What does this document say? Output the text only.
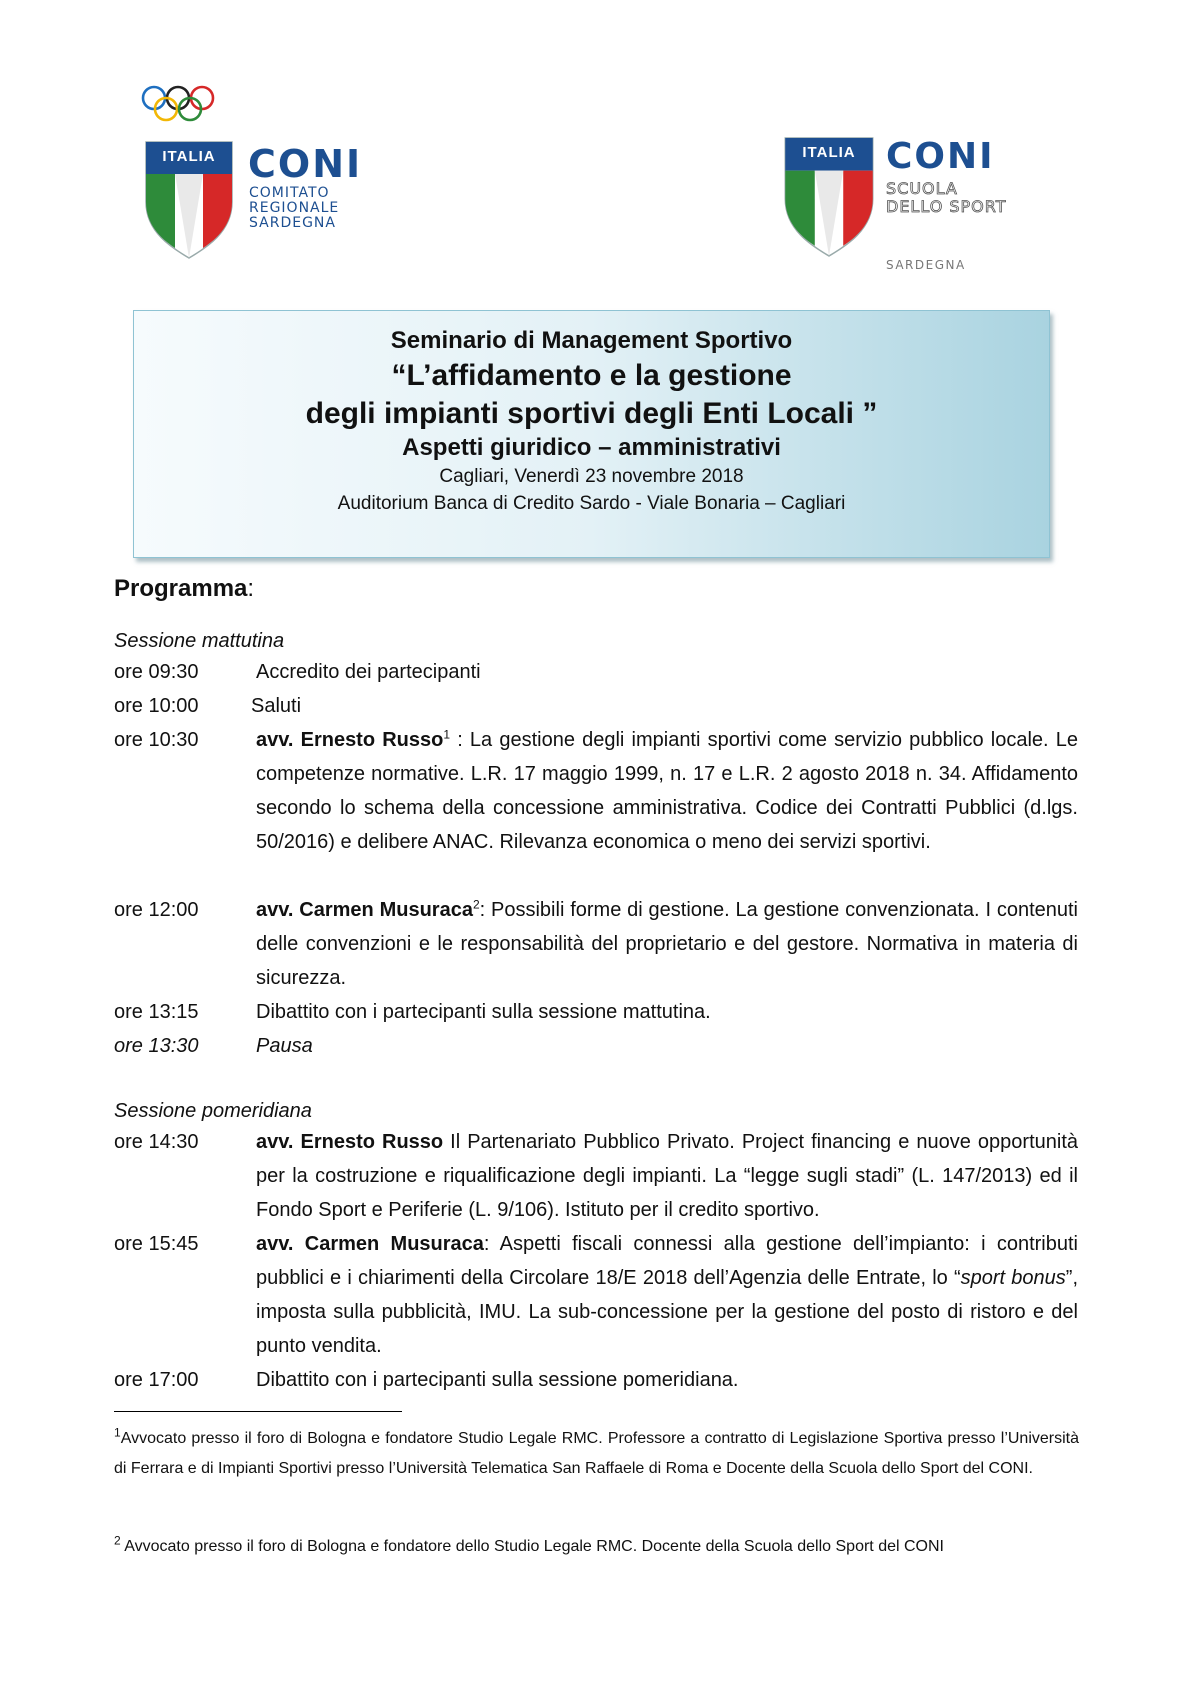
ITALIA CONI
COMITATO
REGIONALE
SARDEGNA
ITALIA CONI
SCUOLA
DELLO SPORT
SARDEGNA
Seminario di Management Sportivo
“L’affidamento e la gestione
degli impianti sportivi degli Enti Locali ”
Aspetti giuridico – amministrativi
Cagliari, Venerdì 23 novembre 2018
Auditorium Banca di Credito Sardo - Viale Bonaria – Cagliari
Programma:
Sessione mattutina
ore 09:30	Accredito dei partecipanti
ore 10:00	Saluti
ore 10:30	avv. Ernesto Russo$^1$ : La gestione degli impianti sportivi come servizio pubblico locale. Le competenze normative. L.R. 17 maggio 1999, n. 17 e L.R. 2 agosto 2018 n. 34. Affidamento secondo lo schema della concessione amministrativa. Codice dei Contratti Pubblici (d.lgs. 50/2016) e delibere ANAC. Rilevanza economica o meno dei servizi sportivi.
ore 12:00	avv. Carmen Musuraca$^2$: Possibili forme di gestione. La gestione convenzionata. I contenuti delle convenzioni e le responsabilità del proprietario e del gestore. Normativa in materia di sicurezza.
ore 13:15	Dibattito con i partecipanti sulla sessione mattutina.
ore 13:30	Pausa
Sessione pomeridiana
ore 14:30	avv. Ernesto Russo Il Partenariato Pubblico Privato. Project financing e nuove opportunità per la costruzione e riqualificazione degli impianti. La “legge sugli stadi” (L. 147/2013) ed il Fondo Sport e Periferie (L. 9/106). Istituto per il credito sportivo.
ore 15:45	avv. Carmen Musuraca: Aspetti fiscali connessi alla gestione dell’impianto: i contributi pubblici e i chiarimenti della Circolare 18/E 2018 dell’Agenzia delle Entrate, lo “sport bonus”, imposta sulla pubblicità, IMU. La sub-concessione per la gestione del posto di ristoro e del punto vendita.
ore 17:00	Dibattito con i partecipanti sulla sessione pomeridiana.
$^1$Avvocato presso il foro di Bologna e fondatore Studio Legale RMC. Professore a contratto di Legislazione Sportiva presso l’Università di Ferrara e di Impianti Sportivi presso l’Università Telematica San Raffaele di Roma e Docente della Scuola dello Sport del CONI.
$^2$ Avvocato presso il foro di Bologna e fondatore dello Studio Legale RMC. Docente della Scuola dello Sport del CONI
